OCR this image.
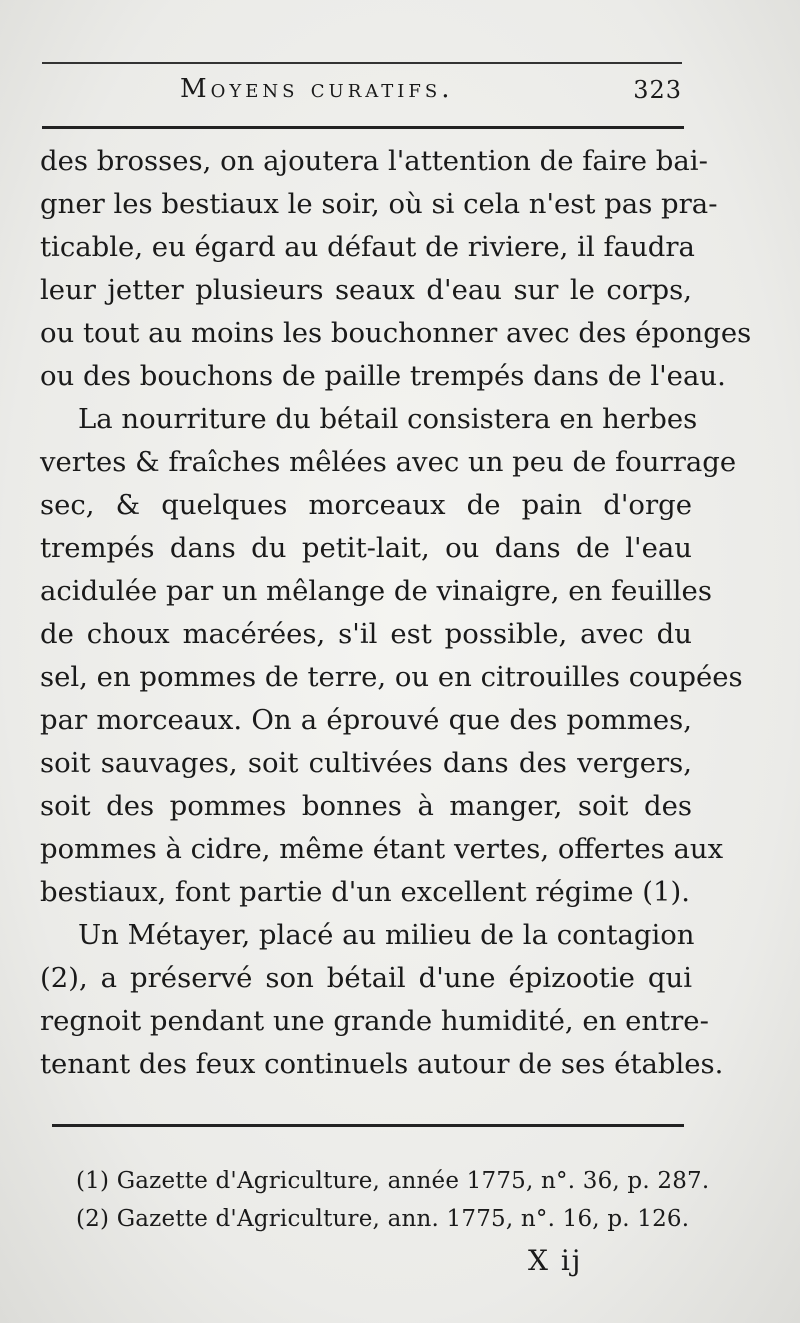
Moyens curatifs.	323
des brosses, on ajoutera l'attention de faire bai-
gner les bestiaux le soir, où si cela n'est pas pra-
ticable, eu égard au défaut de riviere, il faudra
leur jetter plusieurs seaux d'eau sur le corps,
ou tout au moins les bouchonner avec des éponges
ou des bouchons de paille trempés dans de l'eau.
La nourriture du bétail consistera en herbes
vertes & fraîches mêlées avec un peu de fourrage
sec, & quelques morceaux de pain d'orge
trempés dans du petit-lait, ou dans de l'eau
acidulée par un mêlange de vinaigre, en feuilles
de choux macérées, s'il est possible, avec du
sel, en pommes de terre, ou en citrouilles coupées
par morceaux. On a éprouvé que des pommes,
soit sauvages, soit cultivées dans des vergers,
soit des pommes bonnes à manger, soit des
pommes à cidre, même étant vertes, offertes aux
bestiaux, font partie d'un excellent régime (1).
Un Métayer, placé au milieu de la contagion
(2), a préservé son bétail d'une épizootie qui
regnoit pendant une grande humidité, en entre-
tenant des feux continuels autour de ses étables.
(1) Gazette d'Agriculture, année 1775, n°. 36, p. 287.
(2) Gazette d'Agriculture, ann. 1775, n°. 16, p. 126.
X ij
